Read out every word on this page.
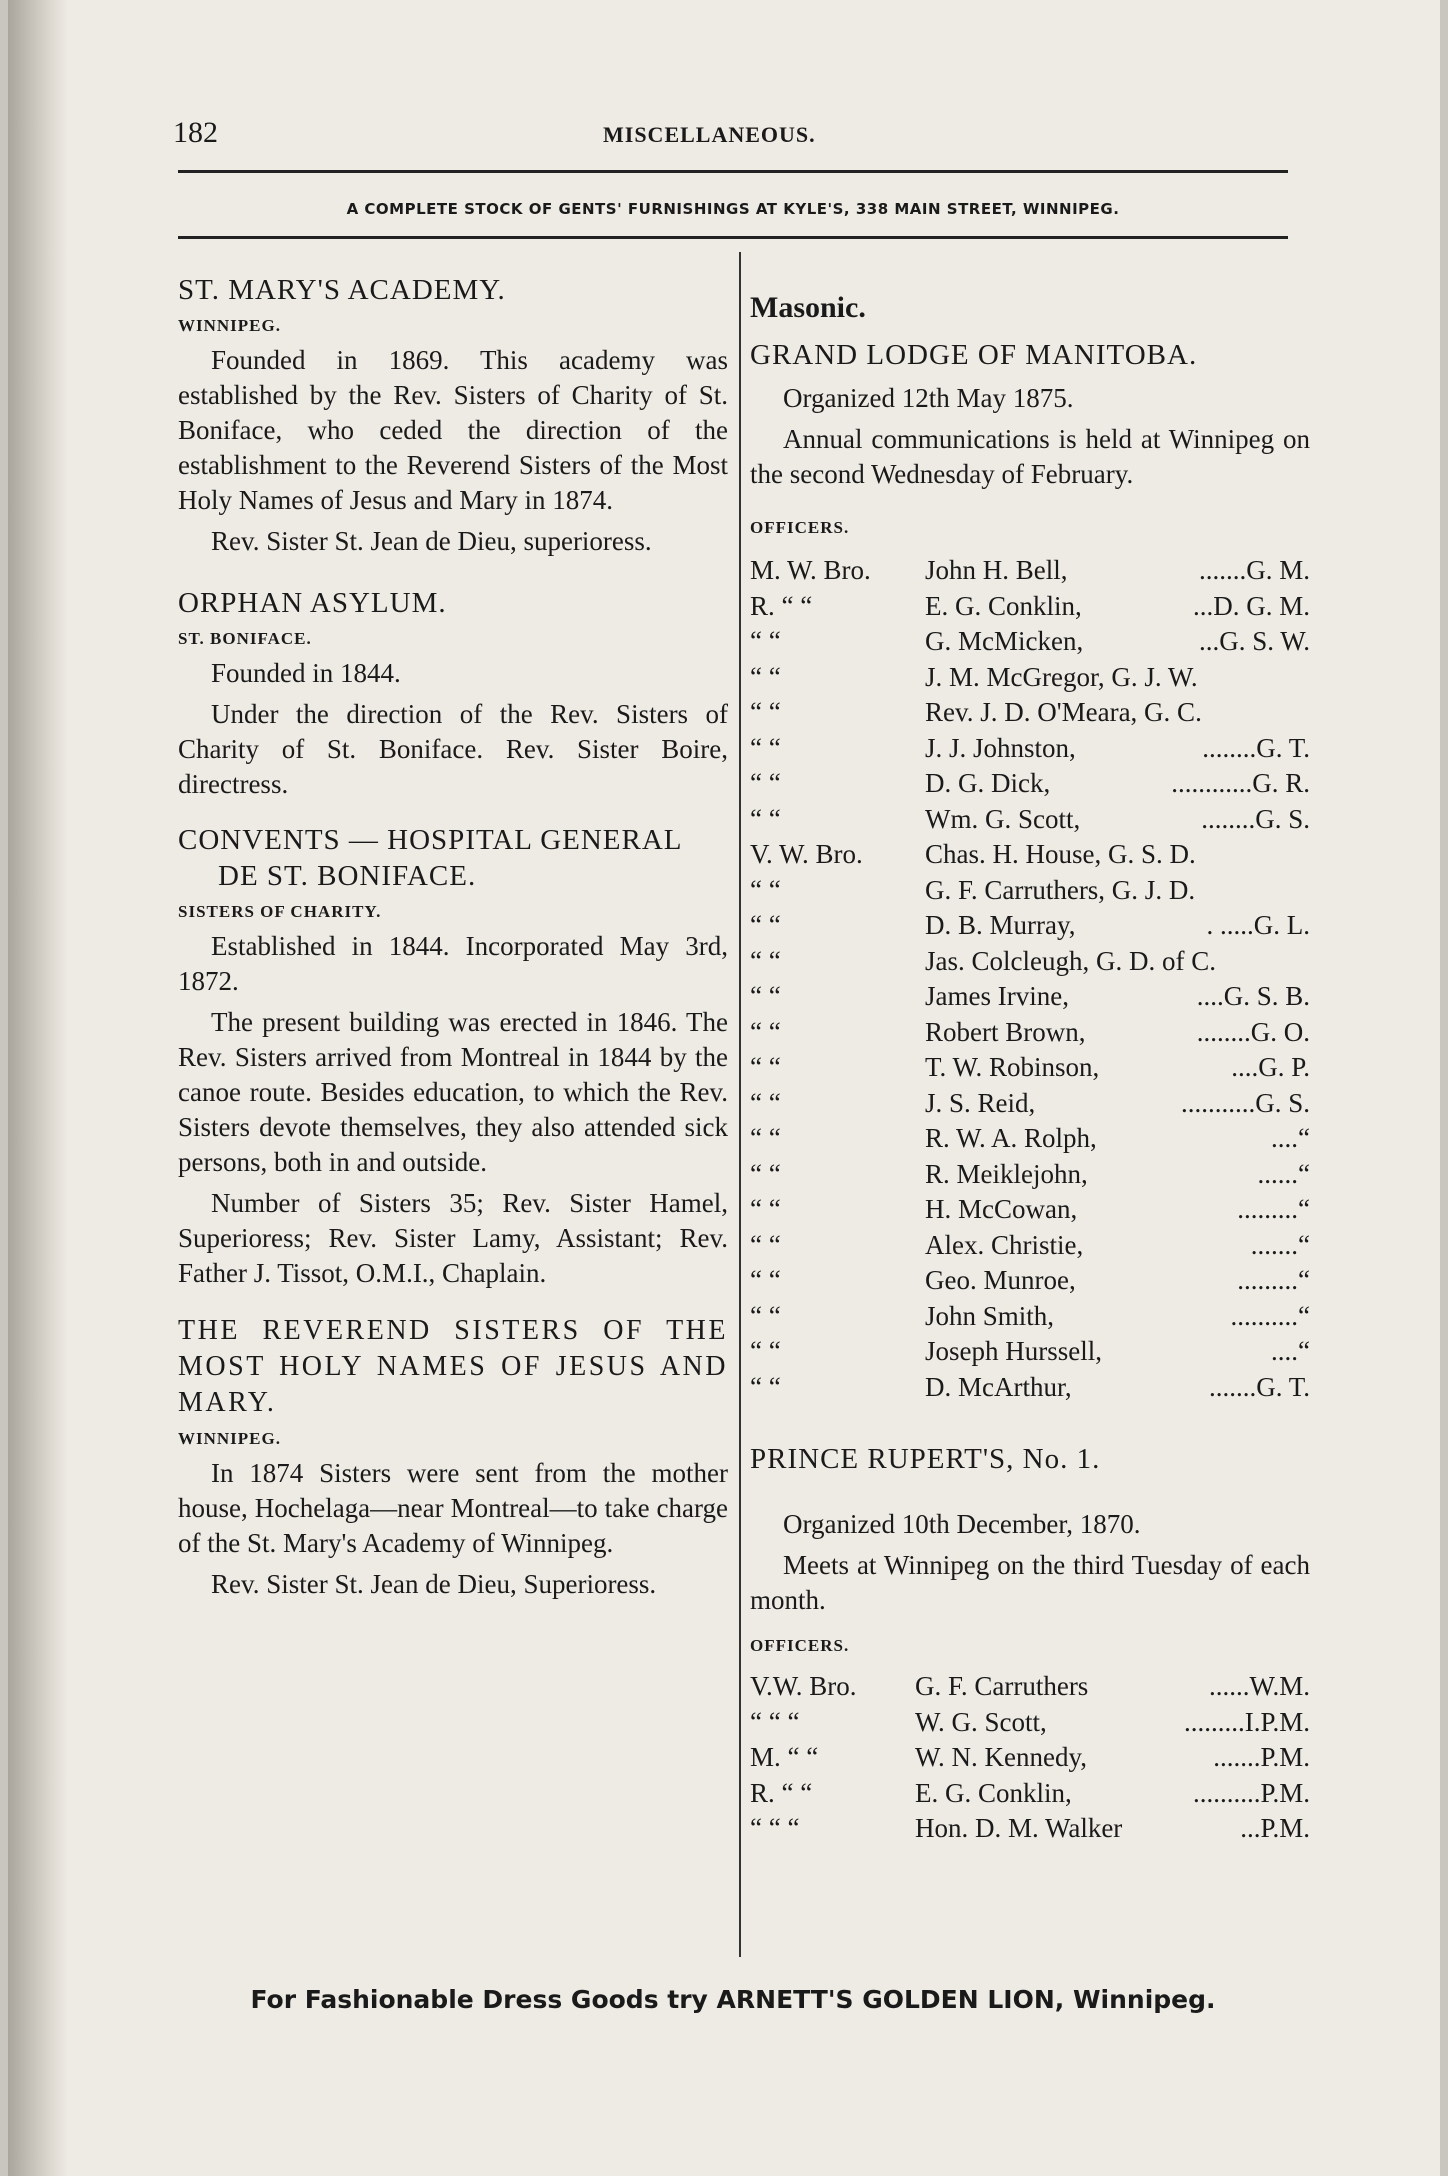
182	MISCELLANEOUS.
A COMPLETE STOCK OF GENTS' FURNISHINGS AT KYLE'S, 338 MAIN STREET, WINNIPEG.

ST. MARY'S ACADEMY.

WINNIPEG.

Founded in 1869. This academy was established by the Rev. Sisters of Charity of St. Boniface, who ceded the direction of the establishment to the Reverend Sisters of the Most Holy Names of Jesus and Mary in 1874.

Rev. Sister St. Jean de Dieu, superioress.

ORPHAN ASYLUM.

ST. BONIFACE.

Founded in 1844.

Under the direction of the Rev. Sisters of Charity of St. Boniface. Rev. Sister Boire, directress.

CONVENTS — HOSPITAL GENERAL DE ST. BONIFACE.

SISTERS OF CHARITY.

Established in 1844. Incorporated May 3rd, 1872.

The present building was erected in 1846. The Rev. Sisters arrived from Montreal in 1844 by the canoe route. Besides education, to which the Rev. Sisters devote themselves, they also attended sick persons, both in and outside.

Number of Sisters 35; Rev. Sister Hamel, Superioress; Rev. Sister Lamy, Assistant; Rev. Father J. Tissot, O.M.I., Chaplain.

THE REVEREND SISTERS OF THE MOST HOLY NAMES OF JESUS AND MARY.

WINNIPEG.

In 1874 Sisters were sent from the mother house, Hochelaga—near Montreal—to take charge of the St. Mary's Academy of Winnipeg.

Rev. Sister St. Jean de Dieu, Superioress.

Masonic.

GRAND LODGE OF MANITOBA.

Organized 12th May 1875.

Annual communications is held at Winnipeg on the second Wednesday of February.

OFFICERS.

M. W. Bro.	John H. Bell,	....... G. M.
R. “ “	E. G. Conklin,	... D. G. M.
“ “	G. McMicken,	... G. S. W.
“ “	J. M. McGregor, G. J. W.
“ “	Rev. J. D. O'Meara, G. C.
“ “	J. J. Johnston,	........ G. T.
“ “	D. G. Dick,	............ G. R.
“ “	Wm. G. Scott,	........ G. S.
V. W. Bro.	Chas. H. House, G. S. D.
“ “	G. F. Carruthers, G. J. D.
“ “	D. B. Murray,	. ..... G. L.
“ “	Jas. Colcleugh, G. D. of C.
“ “	James Irvine,	.... G. S. B.
“ “	Robert Brown,	........ G. O.
“ “	T. W. Robinson,	.... G. P.
“ “	J. S. Reid,	........... G. S.
“ “	R. W. A. Rolph,	.... “
“ “	R. Meiklejohn,	...... “
“ “	H. McCowan,	......... “
“ “	Alex. Christie,	....... “
“ “	Geo. Munroe,	......... “
“ “	John Smith,	.......... “
“ “	Joseph Hurssell,	.... “
“ “	D. McArthur,	....... G. T.

PRINCE RUPERT'S, No. 1.

Organized 10th December, 1870.

Meets at Winnipeg on the third Tuesday of each month.

OFFICERS.

V.W. Bro.	G. F. Carruthers	...... W.M.
“ “ “	W. G. Scott,	......... I.P.M.
M. “ “	W. N. Kennedy,	....... P.M.
R. “ “	E. G. Conklin,	.......... P.M.
“ “ “	Hon. D. M. Walker	... P.M.
For Fashionable Dress Goods try ARNETT'S GOLDEN LION, Winnipeg.
